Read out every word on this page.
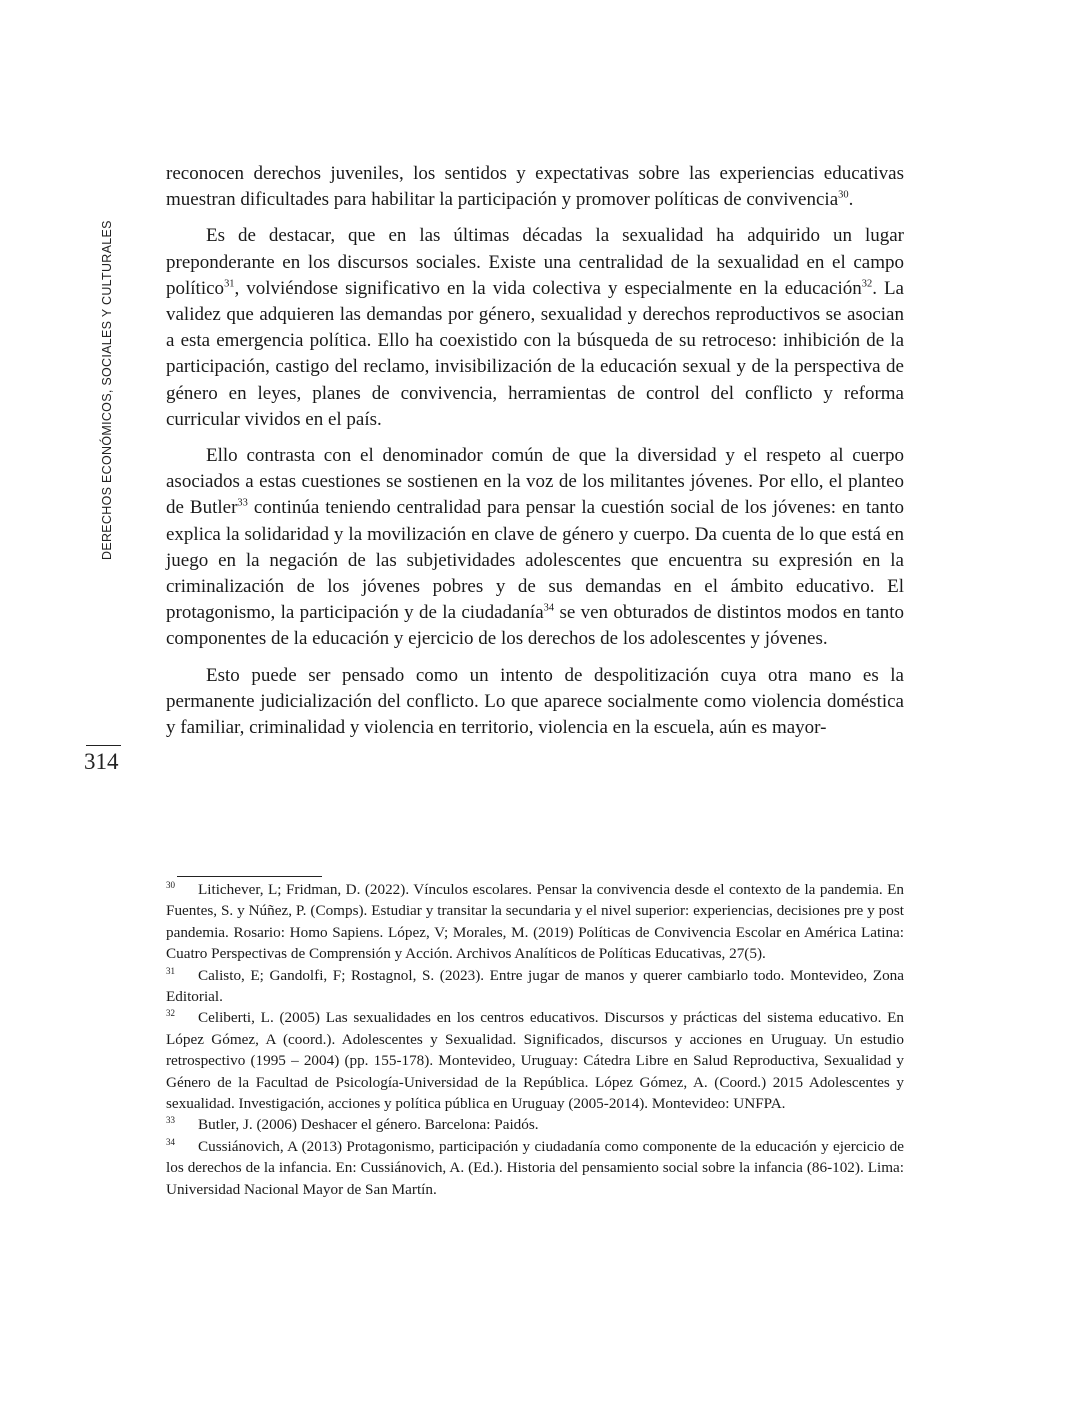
DERECHOS ECONÓMICOS, SOCIALES Y CULTURALES
314

reconocen derechos juveniles, los sentidos y expectativas sobre las experiencias educativas muestran dificultades para habilitar la participación y promover políticas de convivencia$^{30}$.

Es de destacar, que en las últimas décadas la sexualidad ha adquirido un lugar preponderante en los discursos sociales. Existe una centralidad de la sexualidad en el campo político$^{31}$, volviéndose significativo en la vida colectiva y especialmente en la educación$^{32}$. La validez que adquieren las demandas por género, sexualidad y derechos reproductivos se asocian a esta emergencia política. Ello ha coexistido con la búsqueda de su retroceso: inhibición de la participación, castigo del reclamo, invisibilización de la educación sexual y de la perspectiva de género en leyes, planes de convivencia, herramientas de control del conflicto y reforma curricular vividos en el país.

Ello contrasta con el denominador común de que la diversidad y el respeto al cuerpo asociados a estas cuestiones se sostienen en la voz de los militantes jóvenes. Por ello, el planteo de Butler$^{33}$ continúa teniendo centralidad para pensar la cuestión social de los jóvenes: en tanto explica la solidaridad y la movilización en clave de género y cuerpo. Da cuenta de lo que está en juego en la negación de las subjetividades adolescentes que encuentra su expresión en la criminalización de los jóvenes pobres y de sus demandas en el ámbito educativo. El protagonismo, la participación y de la ciudadanía$^{34}$ se ven obturados de distintos modos en tanto componentes de la educación y ejercicio de los derechos de los adolescentes y jóvenes.

Esto puede ser pensado como un intento de despolitización cuya otra mano es la permanente judicialización del conflicto. Lo que aparece socialmente como violencia doméstica y familiar, criminalidad y violencia en territorio, violencia en la escuela, aún es mayor-

30 Litichever, L; Fridman, D. (2022). Vínculos escolares. Pensar la convivencia desde el contexto de la pandemia. En Fuentes, S. y Núñez, P. (Comps). Estudiar y transitar la secundaria y el nivel superior: experiencias, decisiones pre y post pandemia. Rosario: Homo Sapiens. López, V; Morales, M. (2019) Políticas de Convivencia Escolar en América Latina: Cuatro Perspectivas de Comprensión y Acción. Archivos Analíticos de Políticas Educativas, 27(5).

31 Calisto, E; Gandolfi, F; Rostagnol, S. (2023). Entre jugar de manos y querer cambiarlo todo. Montevideo, Zona Editorial.

32 Celiberti, L. (2005) Las sexualidades en los centros educativos. Discursos y prácticas del sistema educativo. En López Gómez, A (coord.). Adolescentes y Sexualidad. Significados, discursos y acciones en Uruguay. Un estudio retrospectivo (1995 – 2004) (pp. 155-178). Montevideo, Uruguay: Cátedra Libre en Salud Reproductiva, Sexualidad y Género de la Facultad de Psicología-Universidad de la República. López Gómez, A. (Coord.) 2015 Adolescentes y sexualidad. Investigación, acciones y política pública en Uruguay (2005-2014). Montevideo: UNFPA.

33 Butler, J. (2006) Deshacer el género. Barcelona: Paidós.

34 Cussiánovich, A (2013) Protagonismo, participación y ciudadanía como componente de la educación y ejercicio de los derechos de la infancia. En: Cussiánovich, A. (Ed.). Historia del pensamiento social sobre la infancia (86-102). Lima: Universidad Nacional Mayor de San Martín.
